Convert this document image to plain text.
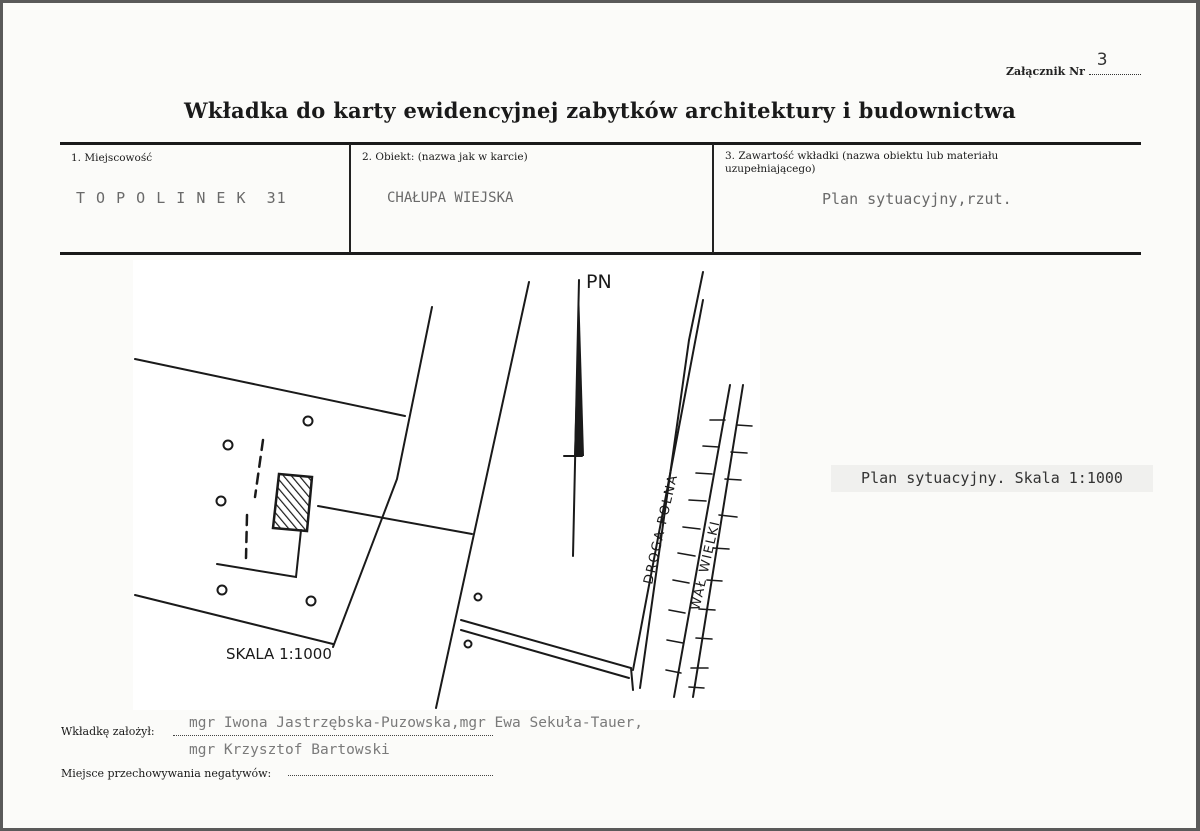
Załącznik Nr
3
Wkładka do karty ewidencyjnej zabytków architektury i budownictwa
1. Miejscowość	2. Obiekt: (nazwa jak w karcie)	3. Zawartość wkładki (nazwa obiektu lub materiału
uzupełniającego)
T O P O L I N E K  31	CHAŁUPA WIEJSKA	Plan sytuacyjny,rzut.
PN
SKALA 1:1000
DROGA POLNA WAŁ WIELKI
Plan sytuacyjny. Skala 1:1000
Wkładkę założył:
mgr Iwona Jastrzębska-Puzowska,mgr Ewa Sekuła-Tauer,
mgr Krzysztof Bartowski
Miejsce przechowywania negatywów:
